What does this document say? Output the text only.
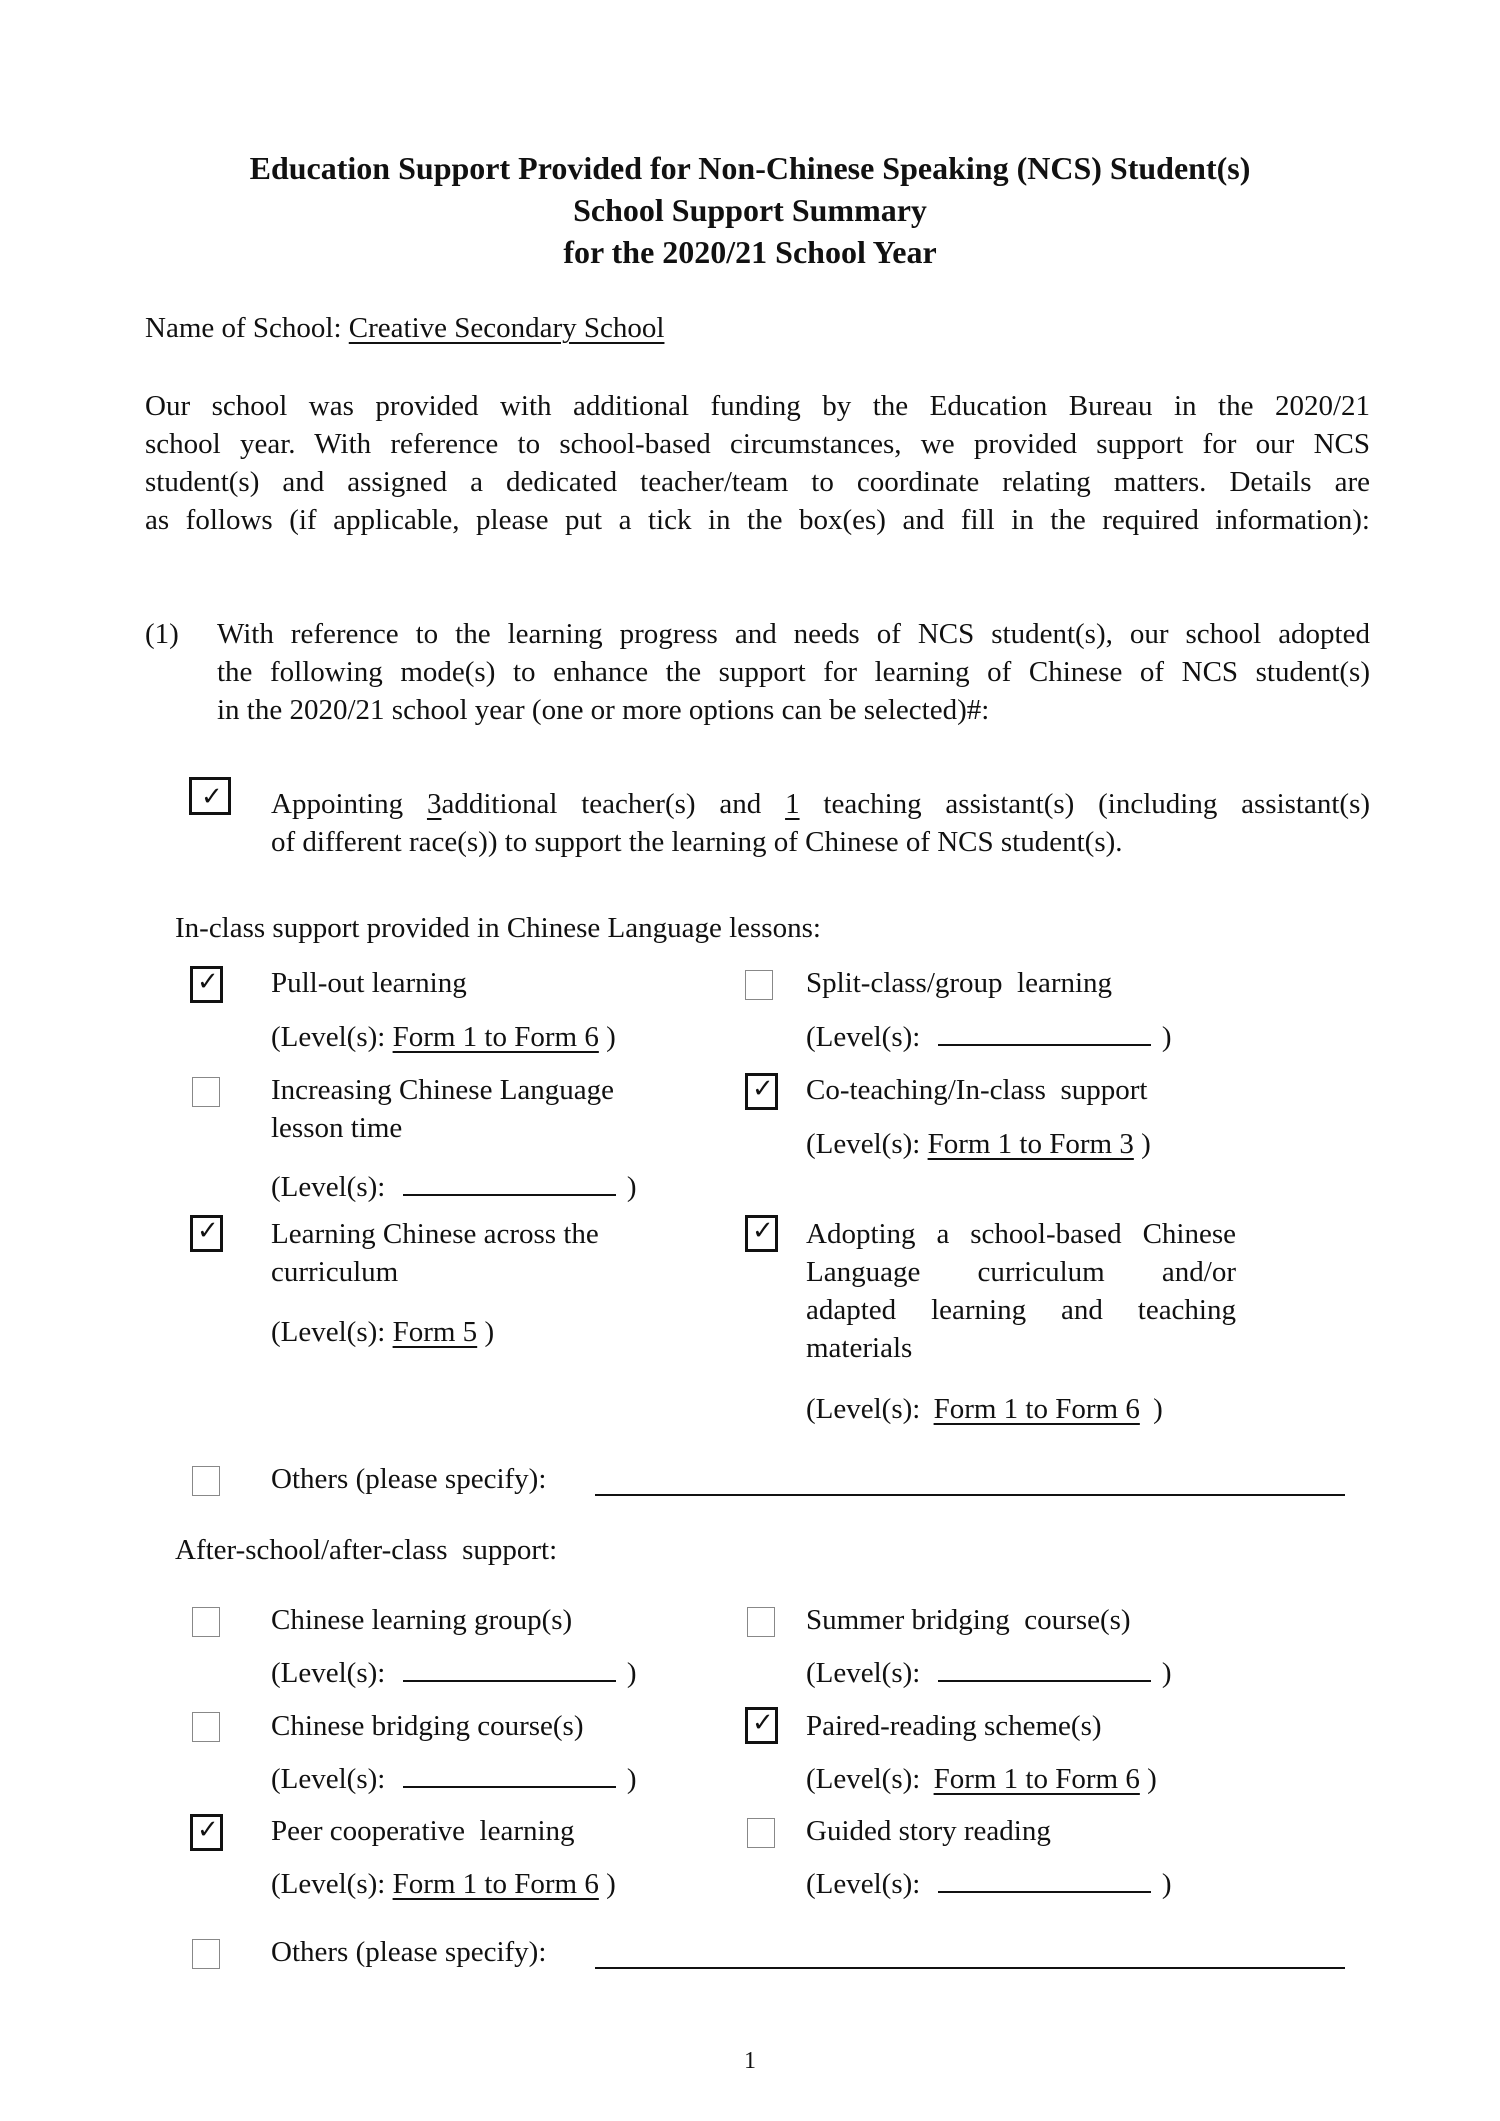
Education Support Provided for Non-Chinese Speaking (NCS) Student(s)
School Support Summary
for the 2020/21 School Year
Name of School: Creative Secondary School
Our school was provided with additional funding by the Education Bureau in the 2020/21
school year. With reference to school-based circumstances, we provided support for our NCS
student(s) and assigned a dedicated teacher/team to coordinate relating matters. Details are
as follows (if applicable, please put a tick in the box(es) and fill in the required information):
(1) With reference to the learning progress and needs of NCS student(s), our school adopted
the following mode(s) to enhance the support for learning of Chinese of NCS student(s)
in the 2020/21 school year (one or more options can be selected)#:
✓ Appointing 3additional teacher(s) and 1 teaching assistant(s) (including assistant(s)
of different race(s)) to support the learning of Chinese of NCS student(s).
In-class support provided in Chinese Language lessons:
✓ Pull-out learning
(Level(s): Form 1 to Form 6 )
Split-class/group  learning
(Level(s):	)
Increasing Chinese Language
lesson time
(Level(s):	)
✓ Co-teaching/In-class  support
(Level(s): Form 1 to Form 3 )
✓ Learning Chinese across the
curriculum
(Level(s): Form 5 )
✓ Adopting a school-based Chinese
Language curriculum and/or
adapted learning and teaching
materials
(Level(s): Form 1 to Form 6 )
Others (please specify):
After-school/after-class  support:
Chinese learning group(s)
(Level(s):	)
Summer bridging  course(s)
(Level(s):	)
Chinese bridging course(s)
(Level(s):	)
✓ Paired-reading scheme(s)
(Level(s): Form 1 to Form 6 )
✓ Peer cooperative  learning
(Level(s): Form 1 to Form 6 )
Guided story reading
(Level(s):	)
Others (please specify):
1
